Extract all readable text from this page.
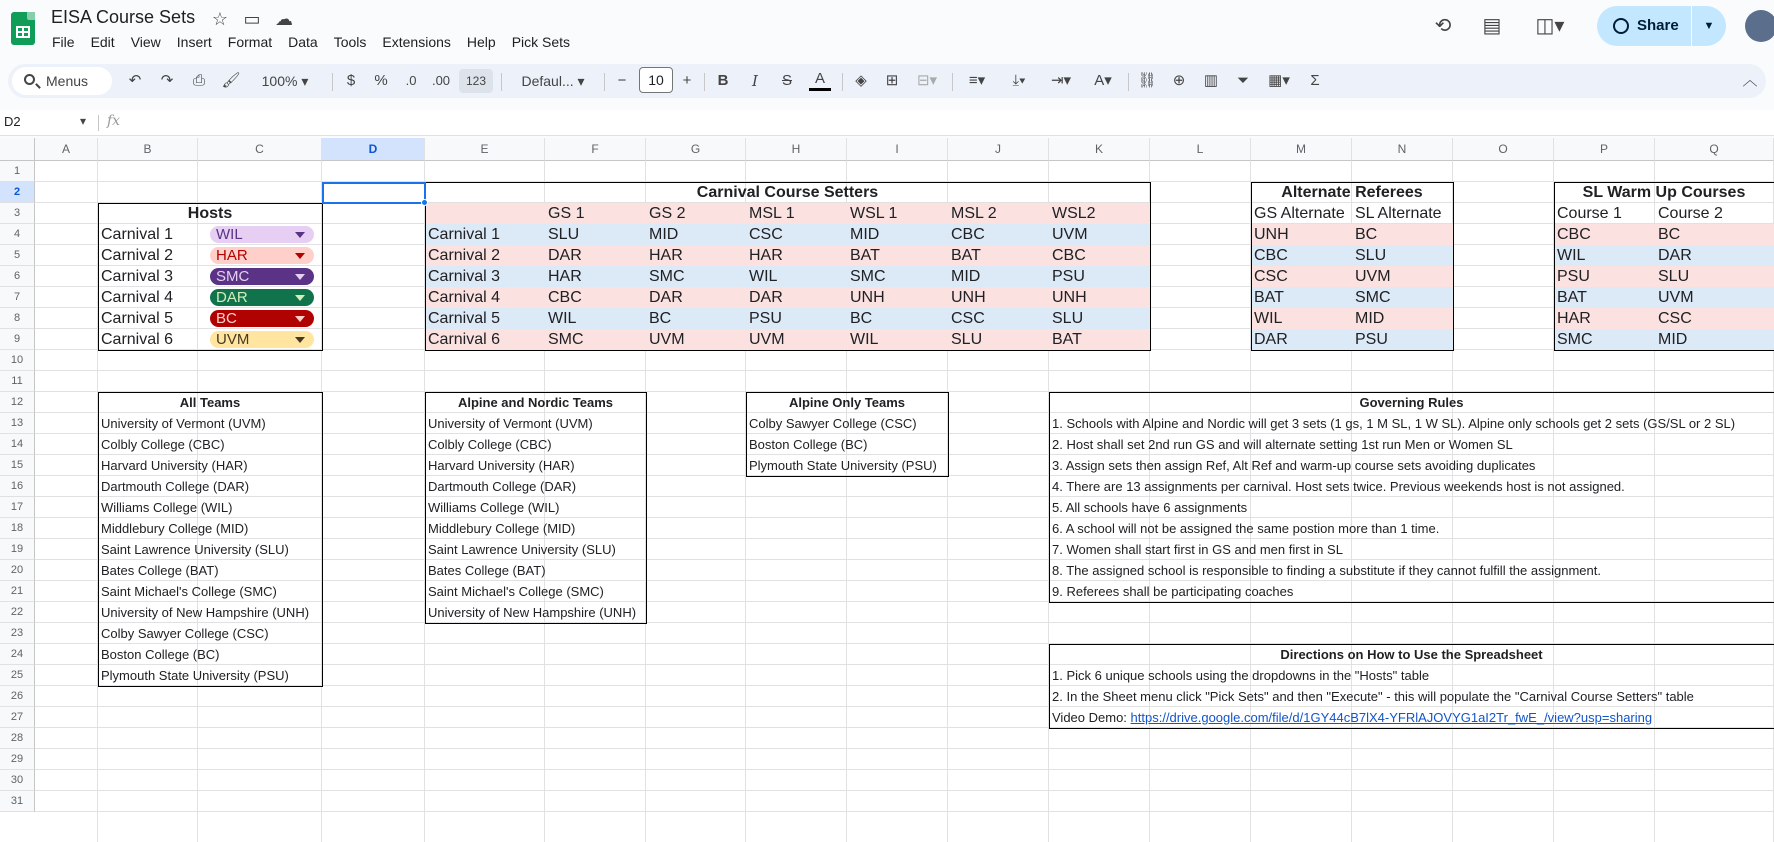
EISA Course Sets ☆ ▭ ☁
File	Edit	View	Insert	Format	Data	Tools	Extensions	Help	Pick Sets
⟲ ▤	◫▾	Share	▼
Menus	↶ ↷ ⎙ 🖌	100% ▾	$	%	.0	.00	123	Defaul... ▾	−	10	+ B	I	S	A	◈	⊞	⊟▾	≡▾	⤓▾	⇥▾	A▾	⛓	⊕	▥	⏷	▦▾	Σ	︿
D2 ▾	fx
A	B	C	D	E	F	G	H	I	J	K	L	M	N	O	P	Q
1
2
3
4
5
6
7
8
9
10
11
12
13
14
15
16
17
18
19
20
21
22
23
24
25
26
27
28
29
30
31
Hosts
Carnival 1	WIL
Carnival 2	HAR
Carnival 3	SMC
Carnival 4	DAR
Carnival 5	BC
Carnival 6	UVM
Carnival Course Setters
GS 1	GS 2	MSL 1	WSL 1	MSL 2	WSL2
Carnival 1	SLU	MID	CSC	MID	CBC	UVM
Carnival 2	DAR	HAR	HAR	BAT	BAT	CBC
Carnival 3	HAR	SMC	WIL	SMC	MID	PSU
Carnival 4	CBC	DAR	DAR	UNH	UNH	UNH
Carnival 5	WIL	BC	PSU	BC	CSC	SLU
Carnival 6	SMC	UVM	UVM	WIL	SLU	BAT
Alternate Referees
GS Alternate SL Alternate
UNH	BC
CBC	SLU
CSC	UVM
BAT	SMC
WIL	MID
DAR	PSU
SL Warm Up Courses
Course 1	Course 2
CBC	BC
WIL	DAR
PSU	SLU
BAT	UVM
HAR	CSC
SMC	MID
All Teams
University of Vermont (UVM)
Colbly College (CBC)
Harvard University (HAR)
Dartmouth College (DAR)
Williams College (WIL)
Middlebury College (MID)
Saint Lawrence University (SLU)
Bates College (BAT)
Saint Michael's College (SMC)
University of New Hampshire (UNH)
Colby Sawyer College (CSC)
Boston College (BC)
Plymouth State University (PSU)
Alpine and Nordic Teams
University of Vermont (UVM)
Colbly College (CBC)
Harvard University (HAR)
Dartmouth College (DAR)
Williams College (WIL)
Middlebury College (MID)
Saint Lawrence University (SLU)
Bates College (BAT)
Saint Michael's College (SMC)
University of New Hampshire (UNH)
Alpine Only Teams
Colby Sawyer College (CSC)
Boston College (BC)
Plymouth State University (PSU)
Governing Rules
1. Schools with Alpine and Nordic will get 3 sets (1 gs, 1 M SL, 1 W SL). Alpine only schools get 2 sets (GS/SL or 2 SL)
2. Host shall set 2nd run GS and will alternate setting 1st run Men or Women SL
3. Assign sets then assign Ref, Alt Ref and warm-up course sets avoiding duplicates
4. There are 13 assignments per carnival. Host sets twice. Previous weekends host is not assigned.
5. All schools have 6 assignments
6. A school will not be assigned the same postion more than 1 time.
7. Women shall start first in GS and men first in SL
8. The assigned school is responsible to finding a substitute if they cannot fulfill the assignment.
9. Referees shall be participating coaches
Directions on How to Use the Spreadsheet
1. Pick 6 unique schools using the dropdowns in the "Hosts" table
2. In the Sheet menu click "Pick Sets" and then "Execute" - this will populate the "Carnival Course Setters" table
Video Demo: https://drive.google.com/file/d/1GY44cB7lX4-YFRlAJOVYG1aI2Tr_fwE_/view?usp=sharing
